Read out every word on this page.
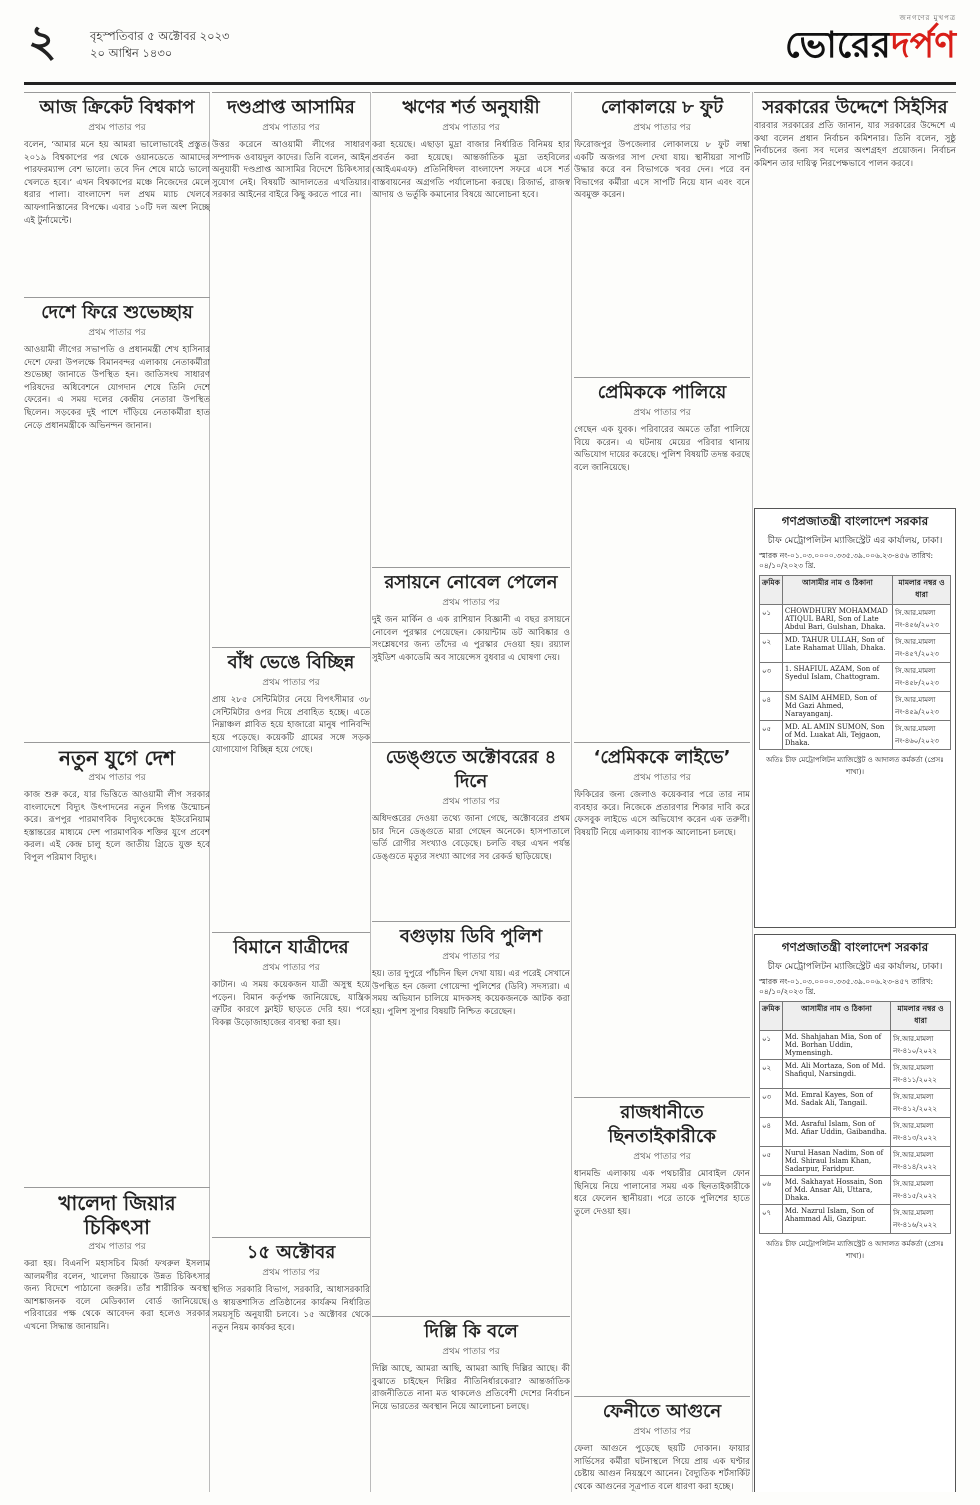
২	বৃহস্পতিবার ৫ অক্টোবর ২০২৩
২০ আশ্বিন ১৪৩০
জনগণের মুখপত্র
ভোরেরদর্পণ
আজ ক্রিকেট বিশ্বকাপ
প্রথম পাতার পর
বলেন, ‘আমার মনে হয় আমরা ভালোভাবেই প্রস্তুত। ২০১৯ বিশ্বকাপের পর থেকে ওয়ানডেতে আমাদের পারফরম্যান্স বেশ ভালো। তবে দিন শেষে মাঠে ভালো খেলতে হবে।’ এখন বিশ্বকাপের মঞ্চে নিজেদের মেলে ধরার পালা। বাংলাদেশ দল প্রথম ম্যাচ খেলবে আফগানিস্তানের বিপক্ষে। এবার ১০টি দল অংশ নিচ্ছে এই টুর্নামেন্টে।
দেশে ফিরে শুভেচ্ছায়
প্রথম পাতার পর
আওয়ামী লীগের সভাপতি ও প্রধানমন্ত্রী শেখ হাসিনার দেশে ফেরা উপলক্ষে বিমানবন্দর এলাকায় নেতাকর্মীরা শুভেচ্ছা জানাতে উপস্থিত হন। জাতিসংঘ সাধারণ পরিষদের অধিবেশনে যোগদান শেষে তিনি দেশে ফেরেন। এ সময় দলের কেন্দ্রীয় নেতারা উপস্থিত ছিলেন। সড়কের দুই পাশে দাঁড়িয়ে নেতাকর্মীরা হাত নেড়ে প্রধানমন্ত্রীকে অভিনন্দন জানান।
নতুন যুগে দেশ
প্রথম পাতার পর
কাজ শুরু করে, যার ভিত্তিতে আওয়ামী লীগ সরকার বাংলাদেশে বিদ্যুৎ উৎপাদনের নতুন দিগন্ত উন্মোচন করে। রূপপুর পারমাণবিক বিদ্যুৎকেন্দ্রে ইউরেনিয়াম হস্তান্তরের মাধ্যমে দেশ পারমাণবিক শক্তির যুগে প্রবেশ করল। এই কেন্দ্র চালু হলে জাতীয় গ্রিডে যুক্ত হবে বিপুল পরিমাণ বিদ্যুৎ।
খালেদা জিয়ার চিকিৎসা
প্রথম পাতার পর
করা হয়। বিএনপি মহাসচিব মির্জা ফখরুল ইসলাম আলমগীর বলেন, খালেদা জিয়াকে উন্নত চিকিৎসার জন্য বিদেশে পাঠানো জরুরি। তাঁর শারীরিক অবস্থা আশঙ্কাজনক বলে মেডিক্যাল বোর্ড জানিয়েছে। পরিবারের পক্ষ থেকে আবেদন করা হলেও সরকার এখনো সিদ্ধান্ত জানায়নি।
দণ্ডপ্রাপ্ত আসামির
প্রথম পাতার পর
উত্তর করেনে আওয়ামী লীগের সাধারণ সম্পাদক ওবায়দুল কাদের। তিনি বলেন, আইন অনুযায়ী দণ্ডপ্রাপ্ত আসামির বিদেশে চিকিৎসার সুযোগ নেই। বিষয়টি আদালতের এখতিয়ার। সরকার আইনের বাইরে কিছু করতে পারে না।
বাঁধ ভেঙে বিচ্ছিন্ন
প্রথম পাতার পর
প্রায় ২৮৫ সেন্টিমিটার নেয়ে বিপৎসীমার ৩৮ সেন্টিমিটার ওপর দিয়ে প্রবাহিত হচ্ছে। এতে নিম্নাঞ্চল প্লাবিত হয়ে হাজারো মানুষ পানিবন্দি হয়ে পড়েছে। কয়েকটি গ্রামের সঙ্গে সড়ক যোগাযোগ বিচ্ছিন্ন হয়ে গেছে।
বিমানে যাত্রীদের
প্রথম পাতার পর
কাটান। এ সময় কয়েকজন যাত্রী অসুস্থ হয়ে পড়েন। বিমান কর্তৃপক্ষ জানিয়েছে, যান্ত্রিক ত্রুটির কারণে ফ্লাইট ছাড়তে দেরি হয়। পরে বিকল্প উড়োজাহাজের ব্যবস্থা করা হয়।
১৫ অক্টোবর
প্রথম পাতার পর
স্থগিত সরকারি বিভাগ, সরকারি, আধাসরকারি ও স্বায়ত্তশাসিত প্রতিষ্ঠানের কার্যক্রম নির্ধারিত সময়সূচি অনুযায়ী চলবে। ১৫ অক্টোবর থেকে নতুন নিয়ম কার্যকর হবে।
ঋণের শর্ত অনুযায়ী
প্রথম পাতার পর
করা হয়েছে। এছাড়া মুদ্রা বাজার নির্ধারিত বিনিময় হার প্রবর্তন করা হয়েছে। আন্তর্জাতিক মুদ্রা তহবিলের (আইএমএফ) প্রতিনিধিদল বাংলাদেশ সফরে এসে শর্ত বাস্তবায়নের অগ্রগতি পর্যালোচনা করছে। রিজার্ভ, রাজস্ব আদায় ও ভর্তুকি কমানোর বিষয়ে আলোচনা হবে।
রসায়নে নোবেল পেলেন
প্রথম পাতার পর
দুই জন মার্কিন ও এক রাশিয়ান বিজ্ঞানী এ বছর রসায়নে নোবেল পুরস্কার পেয়েছেন। কোয়ান্টাম ডট আবিষ্কার ও সংশ্লেষণের জন্য তাঁদের এ পুরস্কার দেওয়া হয়। রয়্যাল সুইডিশ একাডেমি অব সায়েন্সেস বুধবার এ ঘোষণা দেয়।
ডেঙ্গুতে অক্টোবরের ৪ দিনে
প্রথম পাতার পর
অধিদপ্তরের দেওয়া তথ্যে জানা গেছে, অক্টোবরের প্রথম চার দিনে ডেঙ্গুতে মারা গেছেন অনেকে। হাসপাতালে ভর্তি রোগীর সংখ্যাও বেড়েছে। চলতি বছর এখন পর্যন্ত ডেঙ্গুতে মৃত্যুর সংখ্যা আগের সব রেকর্ড ছাড়িয়েছে।
বগুড়ায় ডিবি পুলিশ
প্রথম পাতার পর
হয়। তার দুপুরে পাঁচদিন ছিল দেখা যায়। এর পরেই সেখানে উপস্থিত হন জেলা গোয়েন্দা পুলিশের (ডিবি) সদস্যরা। এ সময় অভিযান চালিয়ে মাদকসহ কয়েকজনকে আটক করা হয়। পুলিশ সুপার বিষয়টি নিশ্চিত করেছেন।
দিল্লি কি বলে
প্রথম পাতার পর
দিল্লি আছে, আমরা আছি, আমরা আছি দিল্লির আছে। কী বুঝাতে চাইছেন দিল্লির নীতিনির্ধারকেরা? আন্তর্জাতিক রাজনীতিতে নানা মত থাকলেও প্রতিবেশী দেশের নির্বাচন নিয়ে ভারতের অবস্থান নিয়ে আলোচনা চলছে।
লোকালয়ে ৮ ফুট
প্রথম পাতার পর
ফিরোজপুর উপজেলার লোকালয়ে ৮ ফুট লম্বা একটি অজগর সাপ দেখা যায়। স্থানীয়রা সাপটি উদ্ধার করে বন বিভাগকে খবর দেন। পরে বন বিভাগের কর্মীরা এসে সাপটি নিয়ে যান এবং বনে অবমুক্ত করেন।
প্রেমিককে পালিয়ে
প্রথম পাতার পর
গেছেন এক যুবক। পরিবারের অমতে তাঁরা পালিয়ে বিয়ে করেন। এ ঘটনায় মেয়ের পরিবার থানায় অভিযোগ দায়ের করেছে। পুলিশ বিষয়টি তদন্ত করছে বলে জানিয়েছে।
‘প্রেমিককে লাইভে’
প্রথম পাতার পর
ফিকিরের জন্য জেলাও কয়েকবার পরে তার নাম ব্যবহার করে। নিজেকে প্রতারণার শিকার দাবি করে ফেসবুক লাইভে এসে অভিযোগ করেন এক তরুণী। বিষয়টি নিয়ে এলাকায় ব্যাপক আলোচনা চলছে।
রাজধানীতে ছিনতাইকারীকে
প্রথম পাতার পর
ধানমন্ডি এলাকায় এক পথচারীর মোবাইল ফোন ছিনিয়ে নিয়ে পালানোর সময় এক ছিনতাইকারীকে ধরে ফেলেন স্থানীয়রা। পরে তাকে পুলিশের হাতে তুলে দেওয়া হয়।
ফেনীতে আগুনে
প্রথম পাতার পর
ফেলা আগুনে পুড়েছে ছয়টি দোকান। ফায়ার সার্ভিসের কর্মীরা ঘটনাস্থলে গিয়ে প্রায় এক ঘণ্টার চেষ্টায় আগুন নিয়ন্ত্রণে আনেন। বৈদ্যুতিক শর্টসার্কিট থেকে আগুনের সূত্রপাত বলে ধারণা করা হচ্ছে।
সরকারের উদ্দেশে সিইসির
বারবার সরকারের প্রতি জানান, যার সরকারের উদ্দেশে এ কথা বলেন প্রধান নির্বাচন কমিশনার। তিনি বলেন, সুষ্ঠু নির্বাচনের জন্য সব দলের অংশগ্রহণ প্রয়োজন। নির্বাচন কমিশন তার দায়িত্ব নিরপেক্ষভাবে পালন করবে।
গণপ্রজাতন্ত্রী বাংলাদেশ সরকার
চীফ মেট্রোপলিটন ম্যাজিস্ট্রেট এর কার্যালয়, ঢাকা।
স্মারক নং-০১.০৩.০০০০.৩৩৫.৩৯.০০৬.২৩-৪৫৬ তারিখ: ০৪/১০/২০২৩ খ্রি.
ক্রমিক	আসামীর নাম ও ঠিকানা	মামলার নম্বর ও ধারা
০১	CHOWDHURY MOHAMMAD ATIQUL BARI, Son of Late Abdul Bari, Gulshan, Dhaka.	সি.আর.মামলা নং-৪৫৬/২০২৩
০২	MD. TAHUR ULLAH, Son of Late Rahamat Ullah, Dhaka.	সি.আর.মামলা নং-৪৫৭/২০২৩
০৩	1. SHAFIUL AZAM, Son of Syedul Islam, Chattogram.	সি.আর.মামলা নং-৪৫৮/২০২৩
০৪	SM SAIM AHMED, Son of Md Gazi Ahmed, Narayanganj.	সি.আর.মামলা নং-৪৫৯/২০২৩
০৫	MD. AL AMIN SUMON, Son of Md. Luakat Ali, Tejgaon, Dhaka.	সি.আর.মামলা নং-৪৬০/২০২৩
অতিঃ চীফ মেট্রোপলিটন ম্যাজিস্ট্রেট ও আদালত কর্মকর্তা (প্রেসঃ শাখা)।
গণপ্রজাতন্ত্রী বাংলাদেশ সরকার
চীফ মেট্রোপলিটন ম্যাজিস্ট্রেট এর কার্যালয়, ঢাকা।
স্মারক নং-০১.০৩.০০০০.৩৩৫.৩৯.০০৬.২৩-৪৫৭ তারিখ: ০৪/১০/২০২৩ খ্রি.
ক্রমিক	আসামীর নাম ও ঠিকানা	মামলার নম্বর ও ধারা
০১	Md. Shahjahan Mia, Son of Md. Borhan Uddin, Mymensingh.	সি.আর.মামলা নং-৪১০/২০২২
০২	Md. Ali Mortaza, Son of Md. Shafiqul, Narsingdi.	সি.আর.মামলা নং-৪১১/২০২২
০৩	Md. Emral Kayes, Son of Md. Sadak Ali, Tangail.	সি.আর.মামলা নং-৪১২/২০২২
০৪	Md. Asraful Islam, Son of Md. Afiar Uddin, Gaibandha.	সি.আর.মামলা নং-৪১৩/২০২২
০৫	Nurul Hasan Nadim, Son of Md. Shiraul Islam Khan, Sadarpur, Faridpur.	সি.আর.মামলা নং-৪১৪/২০২২
০৬	Md. Sakhayat Hossain, Son of Md. Ansar Ali, Uttara, Dhaka.	সি.আর.মামলা নং-৪১৫/২০২২
০৭	Md. Nazrul Islam, Son of Ahammad Ali, Gazipur.	সি.আর.মামলা নং-৪১৬/২০২২
অতিঃ চীফ মেট্রোপলিটন ম্যাজিস্ট্রেট ও আদালত কর্মকর্তা (প্রেসঃ শাখা)।
